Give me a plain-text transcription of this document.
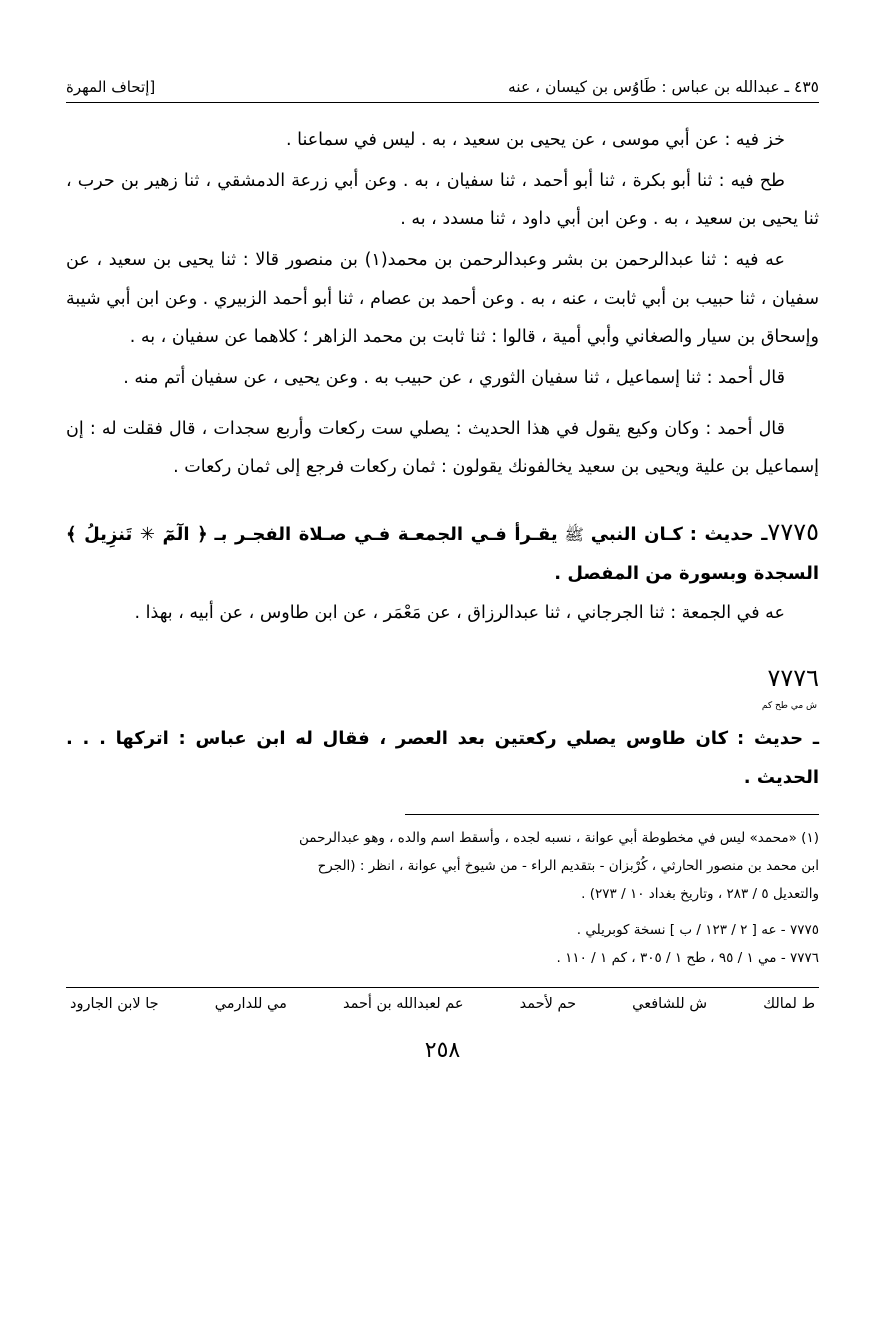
٤٣٥ ـ عبدالله بن عباس : طَاوُس بن كيسان ، عنه
[إتحاف المهرة

خز فيه : عن أبي موسى ، عن يحيى بن سعيد ، به . ليس في سماعنا .

طح فيه : ثنا أبو بكرة ، ثنا أبو أحمد ، ثنا سفيان ، به . وعن أبي زرعة الدمشقي ، ثنا زهير بن حرب ، ثنا يحيى بن سعيد ، به . وعن ابن أبي داود ، ثنا مسدد ، به .

عه فيه : ثنا عبدالرحمن بن بشر وعبدالرحمن بن محمد(١) بن منصور قالا : ثنا يحيى بن سعيد ، عن سفيان ، ثنا حبيب بن أبي ثابت ، عنه ، به . وعن أحمد بن عصام ، ثنا أبو أحمد الزبيري . وعن ابن أبي شيبة وإسحاق بن سيار والصغاني وأبي أمية ، قالوا : ثنا ثابت بن محمد الزاهر ؛ كلاهما عن سفيان ، به .

قال أحمد : ثنا إسماعيل ، ثنا سفيان الثوري ، عن حبيب به . وعن يحيى ، عن سفيان أتم منه .

قال أحمد : وكان وكيع يقول في هذا الحديث : يصلي ست ركعات وأربع سجدات ، قال فقلت له : إن إسماعيل بن علية ويحيى بن سعيد يخالفونك يقولون : ثمان ركعات فرجع إلى ثمان ركعات .

٧٧٧٥ـ حديث : كـان النبي ﷺ يقـرأ فـي الجمعـة فـي صـلاة الفجـر بـ ﴿ الٓمٓ ✳ تَنزِيلُ ﴾ السجدة وبسورة من المفصل .

عه في الجمعة : ثنا الجرجاني ، ثنا عبدالرزاق ، عن مَعْمَر ، عن ابن طاوس ، عن أبيه ، بهذا .

٧٧٧٦
ش مي طح كم
ـ حديث : كان طاوس يصلي ركعتين بعد العصر ، فقال له ابن عباس : اتركها . . . الحديث .

(١) «محمد» ليس في مخطوطة أبي عوانة ، نسبه لجده ، وأسقط اسم والده ، وهو عبدالرحمن

ابن محمد بن منصور الحارثي ، كُرْبزان - بتقديم الراء - من شيوخ أبي عوانة ، انظر : (الجرح

والتعديل ٥ / ٢٨٣ ، وتاريخ بغداد ١٠ / ٢٧٣) .

٧٧٧٥ - عه [ ٢ / ١٢٣ / ب ] نسخة كوبريلي .

٧٧٧٦ - مي ١ / ٩٥ ، طح ١ / ٣٠٥ ، كم ١ / ١١٠ .

ط لمالك
ش للشافعي
حم لأحمد
عم لعبدالله بن أحمد
مي للدارمي
جا لابن الجارود
٢٥٨
